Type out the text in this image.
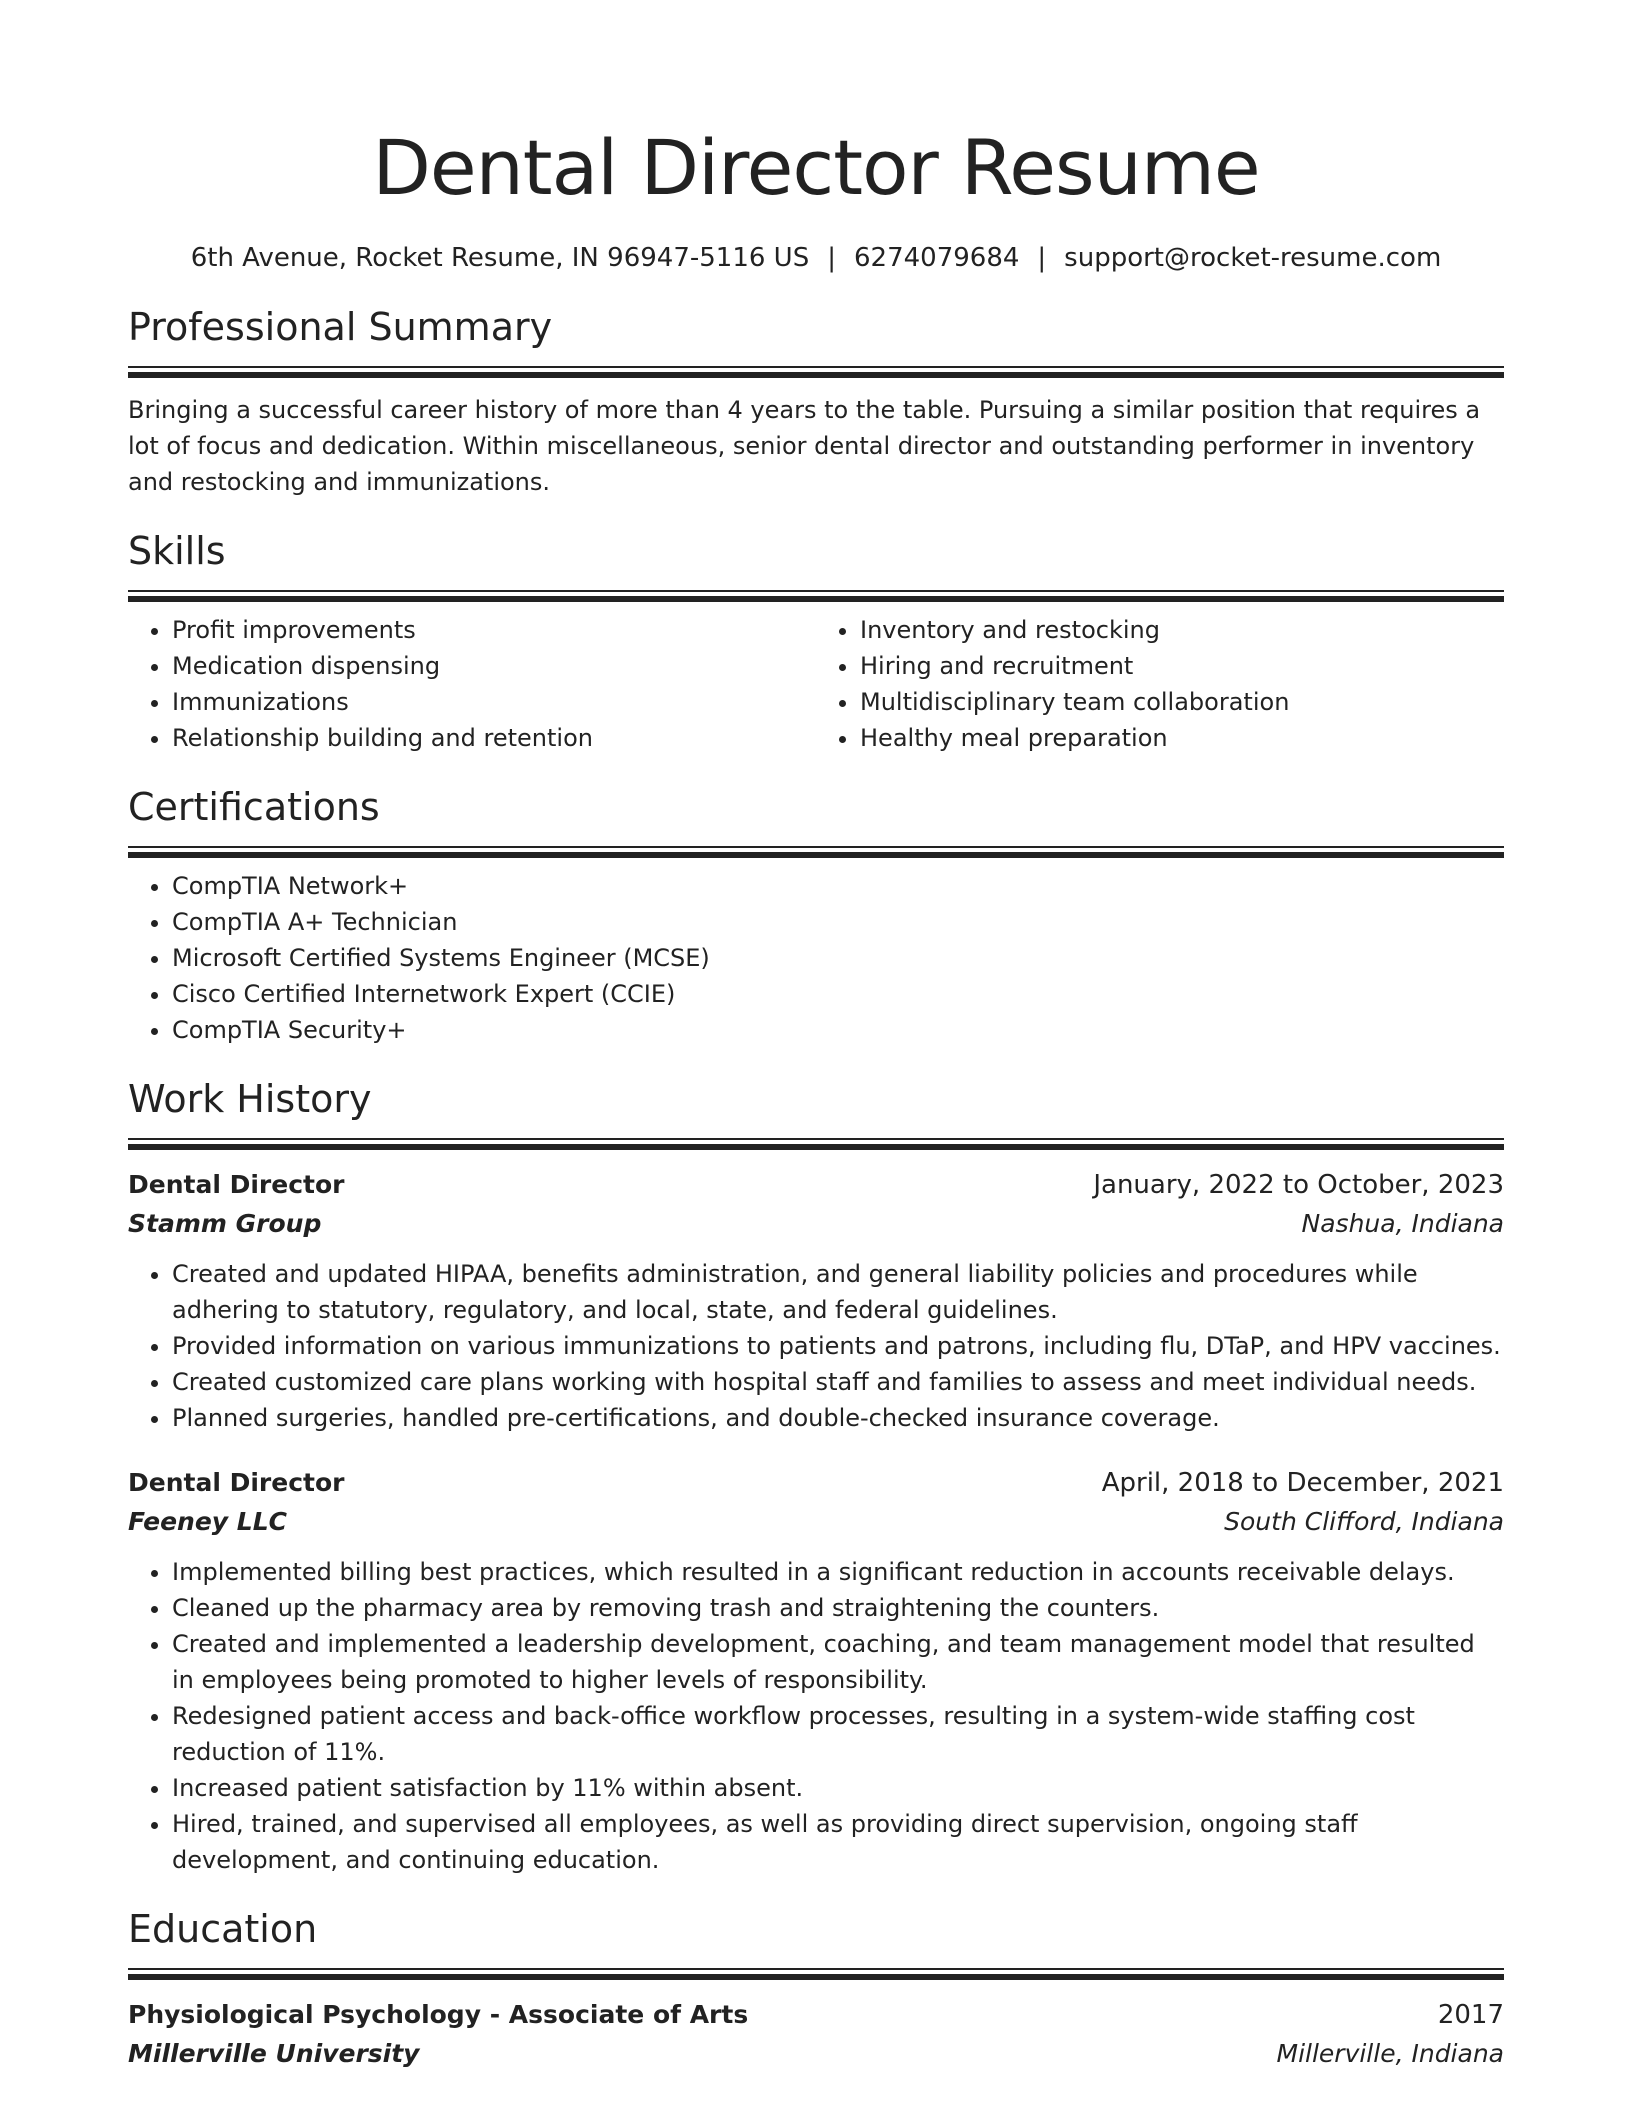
Dental Director Resume
6th Avenue, Rocket Resume, IN 96947-5116 US | 6274079684 | support@rocket-resume.com
Professional Summary

Bringing a successful career history of more than 4 years to the table. Pursuing a similar position that requires a lot of focus and dedication. Within miscellaneous, senior dental director and outstanding performer in inventory and restocking and immunizations.

Skills
• Profit improvements
• Medication dispensing
• Immunizations
• Relationship building and retention
• Inventory and restocking
• Hiring and recruitment
• Multidisciplinary team collaboration
• Healthy meal preparation
Certifications
• CompTIA Network+
• CompTIA A+ Technician
• Microsoft Certified Systems Engineer (MCSE)
• Cisco Certified Internetwork Expert (CCIE)
• CompTIA Security+
Work History
Dental Director	January, 2022 to October, 2023
Stamm Group	Nashua, Indiana
• Created and updated HIPAA, benefits administration, and general liability policies and procedures while adhering to statutory, regulatory, and local, state, and federal guidelines.
• Provided information on various immunizations to patients and patrons, including flu, DTaP, and HPV vaccines.
• Created customized care plans working with hospital staff and families to assess and meet individual needs.
• Planned surgeries, handled pre-certifications, and double-checked insurance coverage.
Dental Director	April, 2018 to December, 2021
Feeney LLC	South Clifford, Indiana
• Implemented billing best practices, which resulted in a significant reduction in accounts receivable delays.
• Cleaned up the pharmacy area by removing trash and straightening the counters.
• Created and implemented a leadership development, coaching, and team management model that resulted in employees being promoted to higher levels of responsibility.
• Redesigned patient access and back-office workflow processes, resulting in a system-wide staffing cost reduction of 11%.
• Increased patient satisfaction by 11% within absent.
• Hired, trained, and supervised all employees, as well as providing direct supervision, ongoing staff development, and continuing education.
Education
Physiological Psychology - Associate of Arts	2017
Millerville University	Millerville, Indiana
